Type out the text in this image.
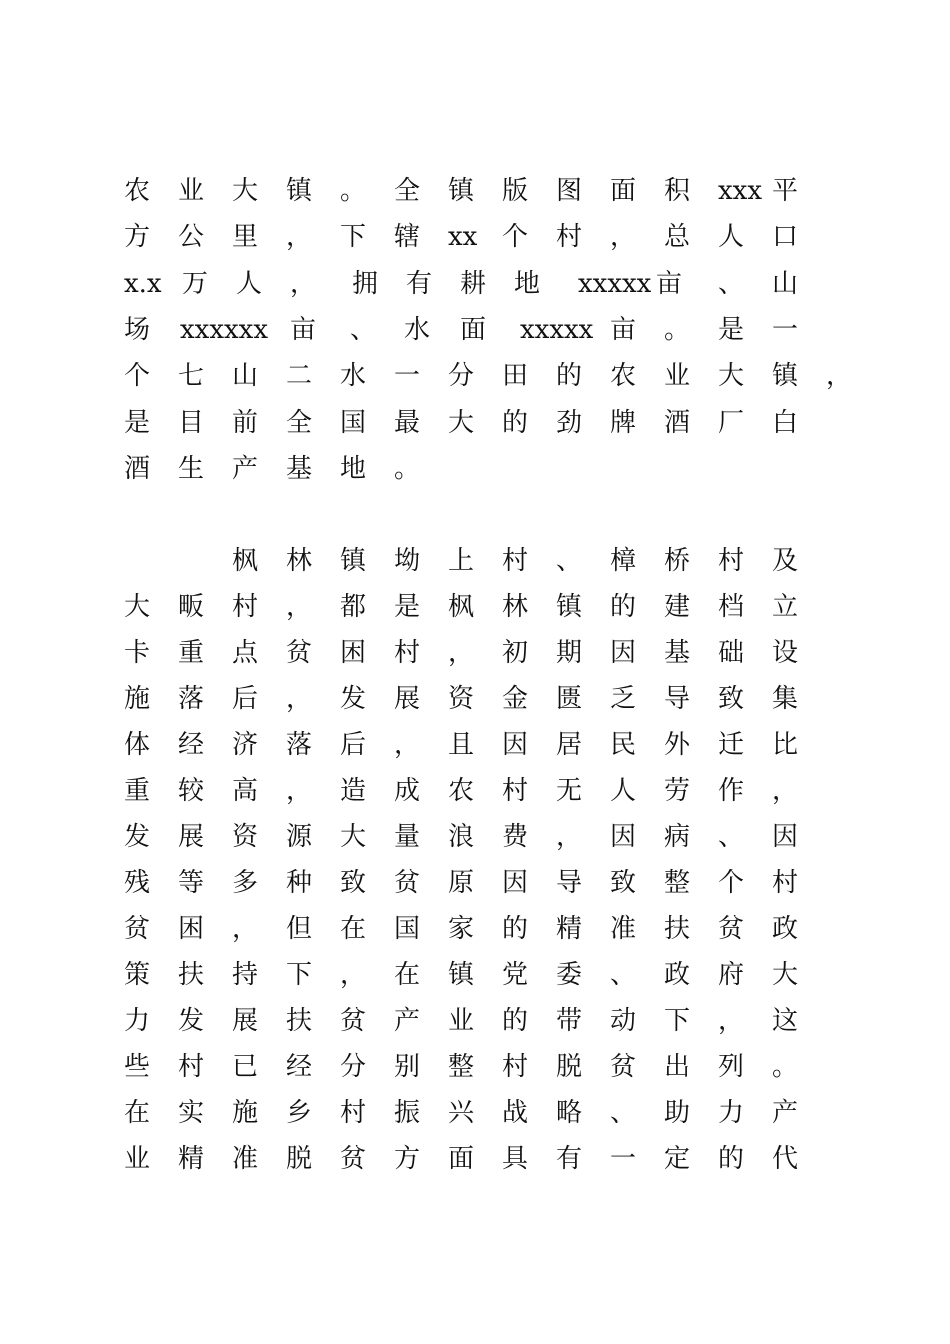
农 业 大 镇 。 全 镇 版 图 面 积 xxx 平
方 公 里 ， 下 辖 xx 个 村 ， 总 人 口
x.x 万 人 ， 拥 有 耕 地 xxxxx 亩 、 山
场 xxxxxx 亩 、 水 面 xxxxx 亩 。 是 一
个 七 山 二 水 一 分 田 的 农 业 大 镇 ，
是 目 前 全 国 最 大 的 劲 牌 酒 厂 白
酒 生 产 基 地 。
枫 林 镇 坳 上 村 、 樟 桥 村 及
大 畈 村 ， 都 是 枫 林 镇 的 建 档 立
卡 重 点 贫 困 村 ， 初 期 因 基 础 设
施 落 后 ， 发 展 资 金 匮 乏 导 致 集
体 经 济 落 后 ， 且 因 居 民 外 迁 比
重 较 高 ， 造 成 农 村 无 人 劳 作 ，
发 展 资 源 大 量 浪 费 ， 因 病 、 因
残 等 多 种 致 贫 原 因 导 致 整 个 村
贫 困 ， 但 在 国 家 的 精 准 扶 贫 政
策 扶 持 下 ， 在 镇 党 委 、 政 府 大
力 发 展 扶 贫 产 业 的 带 动 下 ， 这
些 村 已 经 分 别 整 村 脱 贫 出 列 。
在 实 施 乡 村 振 兴 战 略 、 助 力 产
业 精 准 脱 贫 方 面 具 有 一 定 的 代
